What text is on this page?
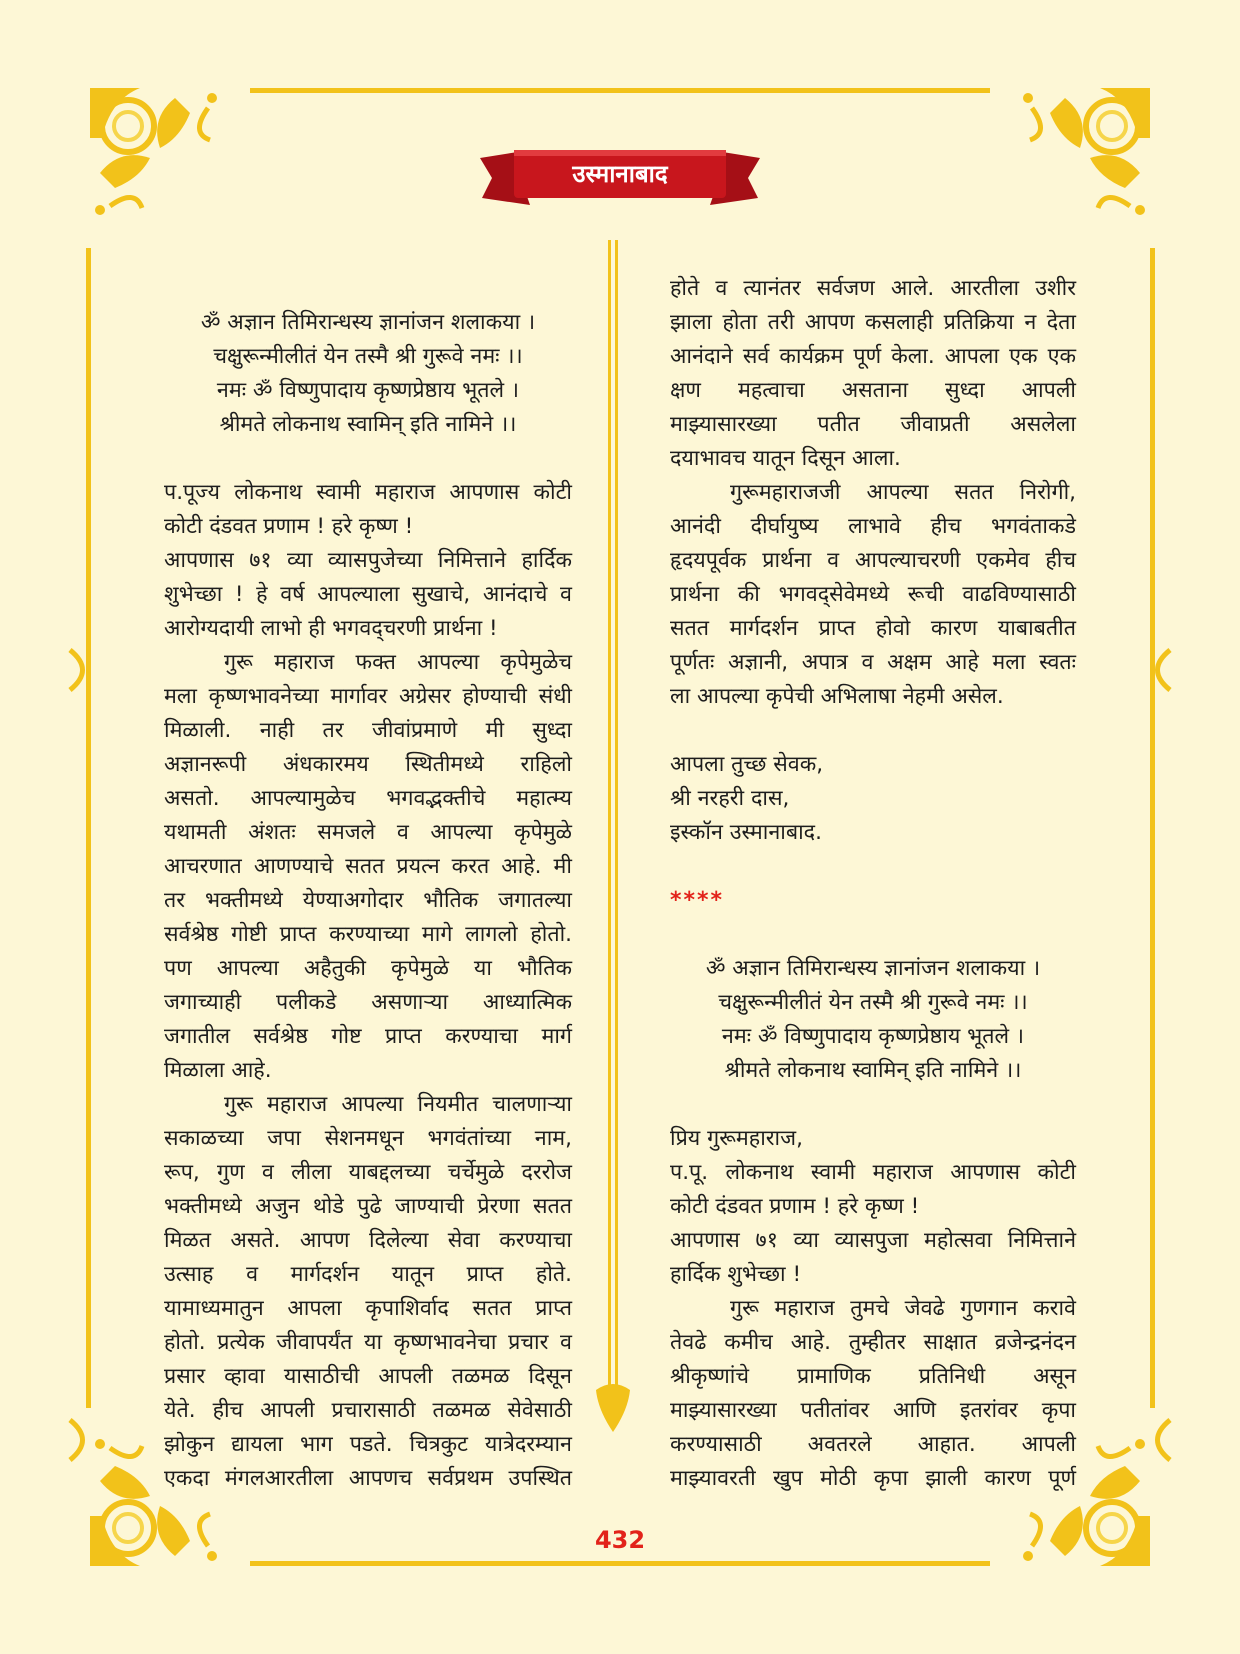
उस्मानाबाद

ॐ अज्ञान तिमिरान्धस्य ज्ञानांजन शलाकया ।

चक्षुरून्मीलीतं येन तस्मै श्री गुरूवे नमः ।।

नमः ॐ विष्णुपादाय कृष्णप्रेष्ठाय भूतले ।

श्रीमते लोकनाथ स्वामिन् इति नामिने ।।

प.पूज्य लोकनाथ स्वामी महाराज आपणास कोटी

कोटी दंडवत प्रणाम ! हरे कृष्ण !

आपणास ७१ व्या व्यासपुजेच्या निमित्ताने हार्दिक

शुभेच्छा ! हे वर्ष आपल्याला सुखाचे, आनंदाचे व

आरोग्यदायी लाभो ही भगवद्चरणी प्रार्थना !

गुरू महाराज फक्त आपल्या कृपेमुळेच

मला कृष्णभावनेच्या मार्गावर अग्रेसर होण्याची संधी

मिळाली. नाही तर जीवांप्रमाणे मी सुध्दा

अज्ञानरूपी अंधकारमय स्थितीमध्ये राहिलो

असतो. आपल्यामुळेच भगवद्भक्तीचे महात्म्य

यथामती अंशतः समजले व आपल्या कृपेमुळे

आचरणात आणण्याचे सतत प्रयत्न करत आहे. मी

तर भक्तीमध्ये येण्याअगोदार भौतिक जगातल्या

सर्वश्रेष्ठ गोष्टी प्राप्त करण्याच्या मागे लागलो होतो.

पण आपल्या अहैतुकी कृपेमुळे या भौतिक

जगाच्याही पलीकडे असणाऱ्या आध्यात्मिक

जगातील सर्वश्रेष्ठ गोष्ट प्राप्त करण्याचा मार्ग

मिळाला आहे.

गुरू महाराज आपल्या नियमीत चालणाऱ्या

सकाळच्या जपा सेशनमधून भगवंतांच्या नाम,

रूप, गुण व लीला याबद्दलच्या चर्चेमुळे दररोज

भक्तीमध्ये अजुन थोडे पुढे जाण्याची प्रेरणा सतत

मिळत असते. आपण दिलेल्या सेवा करण्याचा

उत्साह व मार्गदर्शन यातून प्राप्त होते.

यामाध्यमातुन आपला कृपाशिर्वाद सतत प्राप्त

होतो. प्रत्येक जीवापर्यंत या कृष्णभावनेचा प्रचार व

प्रसार व्हावा यासाठीची आपली तळमळ दिसून

येते. हीच आपली प्रचारासाठी तळमळ सेवेसाठी

झोकुन द्यायला भाग पडते. चित्रकुट यात्रेदरम्यान

एकदा मंगलआरतीला आपणच सर्वप्रथम उपस्थित

होते व त्यानंतर सर्वजण आले. आरतीला उशीर

झाला होता तरी आपण कसलाही प्रतिक्रिया न देता

आनंदाने सर्व कार्यक्रम पूर्ण केला. आपला एक एक

क्षण महत्वाचा असताना सुध्दा आपली

माझ्यासारख्या पतीत जीवाप्रती असलेला

दयाभावच यातून दिसून आला.

गुरूमहाराजजी आपल्या सतत निरोगी,

आनंदी दीर्घायुष्य लाभावे हीच भगवंताकडे

हृदयपूर्वक प्रार्थना व आपल्याचरणी एकमेव हीच

प्रार्थना की भगवद्सेवेमध्ये रूची वाढविण्यासाठी

सतत मार्गदर्शन प्राप्त होवो कारण याबाबतीत

पूर्णतः अज्ञानी, अपात्र व अक्षम आहे मला स्वतः

ला आपल्या कृपेची अभिलाषा नेहमी असेल.

आपला तुच्छ सेवक,

श्री नरहरी दास,

इस्कॉन उस्मानाबाद.

****

ॐ अज्ञान तिमिरान्धस्य ज्ञानांजन शलाकया ।

चक्षुरून्मीलीतं येन तस्मै श्री गुरूवे नमः ।।

नमः ॐ विष्णुपादाय कृष्णप्रेष्ठाय भूतले ।

श्रीमते लोकनाथ स्वामिन् इति नामिने ।।

प्रिय गुरूमहाराज,

प.पू. लोकनाथ स्वामी महाराज आपणास कोटी

कोटी दंडवत प्रणाम ! हरे कृष्ण !

आपणास ७१ व्या व्यासपुजा महोत्सवा निमित्ताने

हार्दिक शुभेच्छा !

गुरू महाराज तुमचे जेवढे गुणगान करावे

तेवढे कमीच आहे. तुम्हीतर साक्षात व्रजेन्द्रनंदन

श्रीकृष्णांचे प्रामाणिक प्रतिनिधी असून

माझ्यासारख्या पतीतांवर आणि इतरांवर कृपा

करण्यासाठी अवतरले आहात. आपली

माझ्यावरती खुप मोठी कृपा झाली कारण पूर्ण

432
